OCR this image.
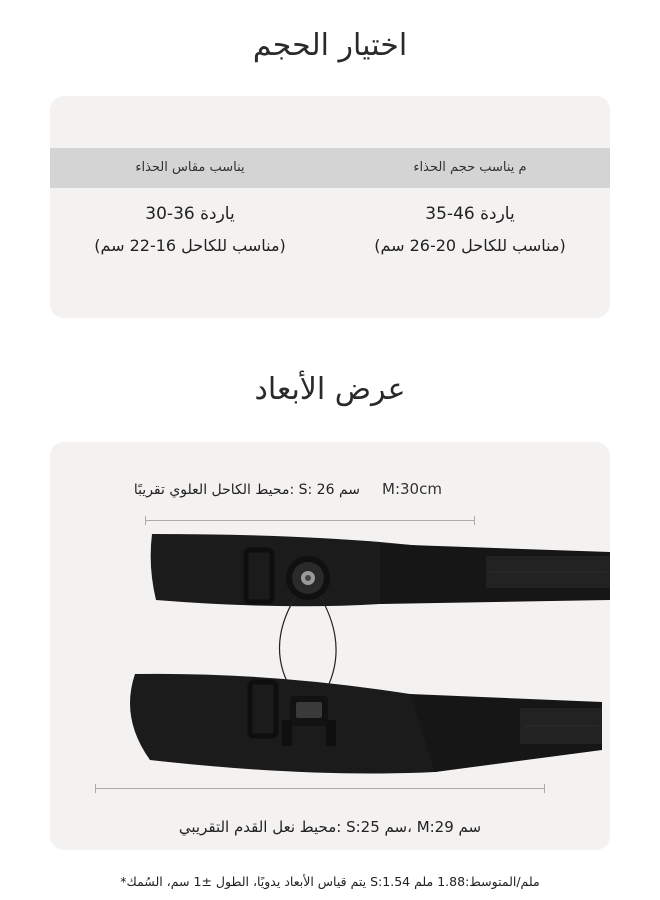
اختيار الحجم
م يناسب حجم الحذاء
يناسب مقاس الحذاء
ياردة 46-35
(مناسب للكاحل 20-26 سم)
ياردة 36-30
(مناسب للكاحل 16-22 سم)
عرض الأبعاد
سم S: 26 :محيط الكاحل العلوي تقريبًا M:30cm
سم M:29 ،سم S:25 :محيط نعل القدم التقريبي
ملم/المتوسط:1.88 ملم S:1.54 يتم قياس الأبعاد يدويًا، الطول ±1 سم، السُمك*
